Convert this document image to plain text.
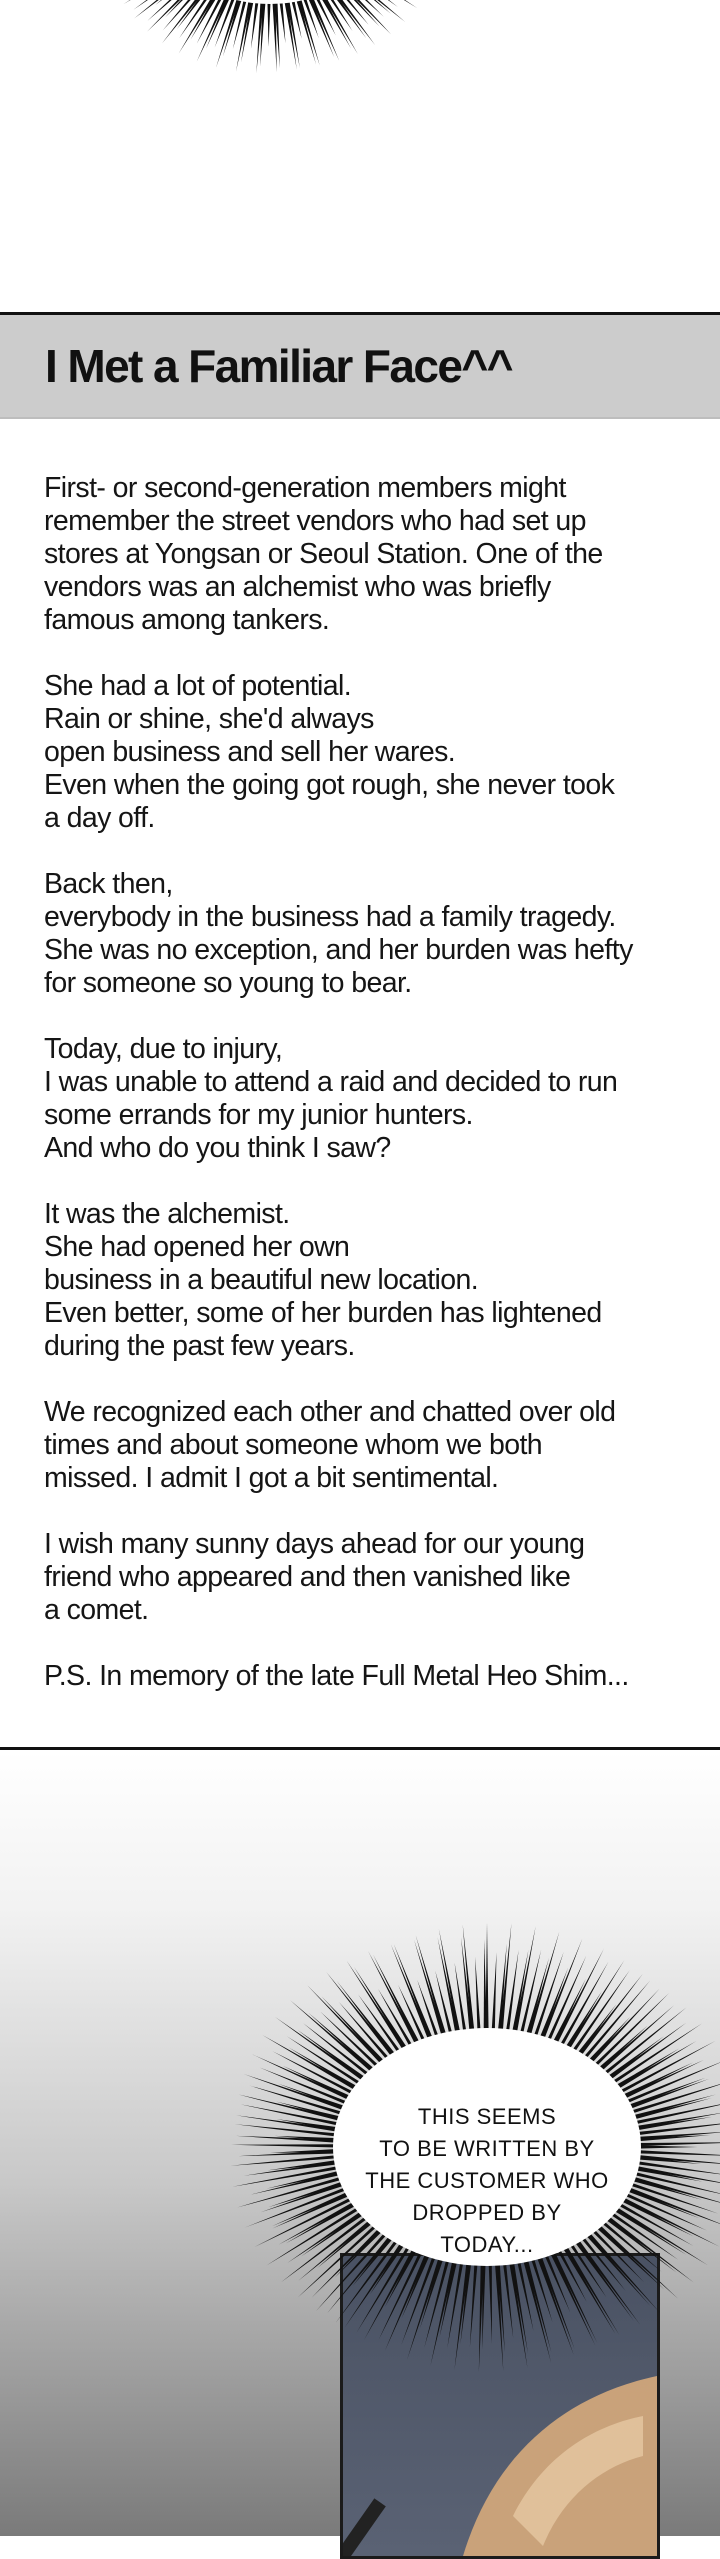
I Met a Familiar Face^^
First- or second-generation members might
remember the street vendors who had set up
stores at Yongsan or Seoul Station. One of the
vendors was an alchemist who was briefly
famous among tankers.
She had a lot of potential.
Rain or shine, she'd always
open business and sell her wares.
Even when the going got rough, she never took
a day off.
Back then,
everybody in the business had a family tragedy.
She was no exception, and her burden was hefty
for someone so young to bear.
Today, due to injury,
I was unable to attend a raid and decided to run
some errands for my junior hunters.
And who do you think I saw?
It was the alchemist.
She had opened her own
business in a beautiful new location.
Even better, some of her burden has lightened
during the past few years.
We recognized each other and chatted over old
times and about someone whom we both
missed. I admit I got a bit sentimental.
I wish many sunny days ahead for our young
friend who appeared and then vanished like
a comet.
P.S. In memory of the late Full Metal Heo Shim...
THIS SEEMS
TO BE WRITTEN BY
THE CUSTOMER WHO
DROPPED BY
TODAY...
